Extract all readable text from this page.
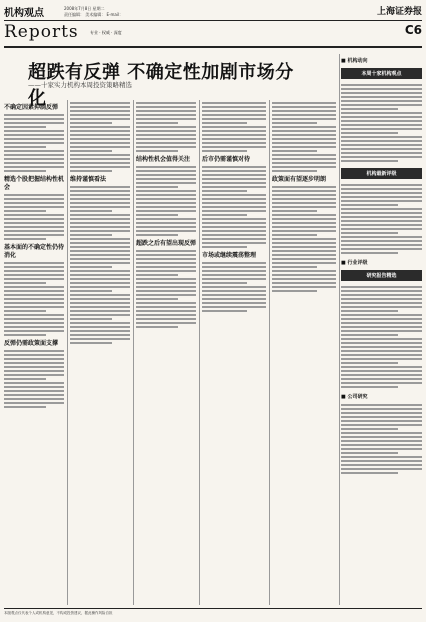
机构观点	2008年7月8日 星期二
责任编辑： 美术编辑： E-mail：	上海证券报
Reports	专业 · 权威 · 深度	C6
超跌有反弹 不确定性加剧市场分化
——十家实力机构本周投资策略精选
不确定因素抑制反弹
精选个股把握结构性机会
基本面的不确定性仍待消化
反弹仍需政策面支撑
维持谨慎看法
结构性机会值得关注
超跌之后有望出现反弹
后市仍需谨慎对待
市场或继续震荡整理
政策面有望逐步明朗
■ 机构动向
本周十家机构观点
机构最新评级
■ 行业评级
研究报告精选
■ 公司研究
本版观点仅代表个人或机构意见，不构成投资建议，据此操作风险自担
